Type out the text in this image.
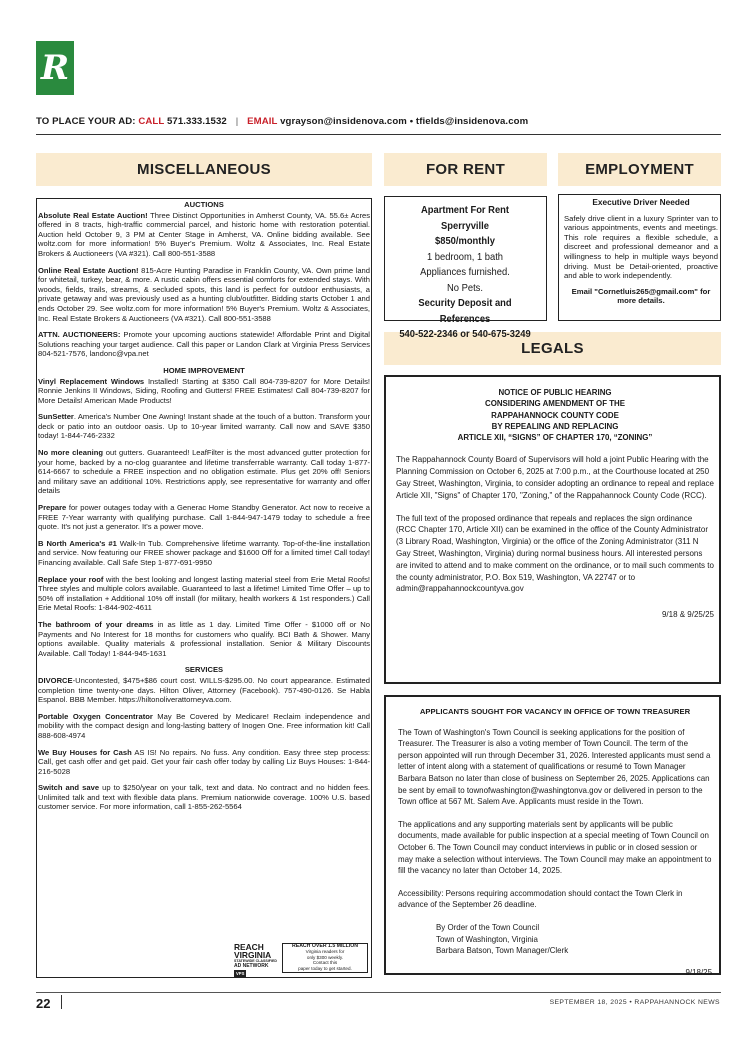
R
TO PLACE YOUR AD: CALL 571.333.1532 | EMAIL vgrayson@insidenova.com • tfields@insidenova.com
MISCELLANEOUS	FOR RENT	EMPLOYMENT
LEGALS

AUCTIONS

Absolute Real Estate Auction! Three Distinct Opportunities in Amherst County, VA. 55.6± Acres offered in 8 tracts, high-traffic commercial parcel, and historic home with restoration potential. Auction held October 9, 3 PM at Center Stage in Amherst, VA. Online bidding available. See woltz.com for more information! 5% Buyer's Premium. Woltz & Associates, Inc. Real Estate Brokers & Auctioneers (VA #321). Call 800-551-3588

Online Real Estate Auction! 815-Acre Hunting Paradise in Franklin County, VA. Own prime land for whitetail, turkey, bear, & more. A rustic cabin offers essential comforts for extended stays. With woods, fields, trails, streams, & secluded spots, this land is perfect for outdoor enthusiasts, a private getaway and was previously used as a hunting club/outfitter. Bidding starts October 1 and ends October 29. See woltz.com for more information! 5% Buyer's Premium. Woltz & Associates, Inc. Real Estate Brokers & Auctioneers (VA #321). Call 800-551-3588

ATTN. AUCTIONEERS: Promote your upcoming auctions statewide! Affordable Print and Digital Solutions reaching your target audience. Call this paper or Landon Clark at Virginia Press Services 804-521-7576, landonc@vpa.net

HOME IMPROVEMENT

Vinyl Replacement Windows Installed! Starting at $350 Call 804-739-8207 for More Details! Ronnie Jenkins II Windows, Siding, Roofing and Gutters! FREE Estimates! Call 804-739-8207 for More Details! American Made Products!

SunSetter. America's Number One Awning! Instant shade at the touch of a button. Transform your deck or patio into an outdoor oasis. Up to 10-year limited warranty. Call now and SAVE $350 today! 1-844-746-2332

No more cleaning out gutters. Guaranteed! LeafFilter is the most advanced gutter protection for your home, backed by a no-clog guarantee and lifetime transferrable warranty. Call today 1-877-614-6667 to schedule a FREE inspection and no obligation estimate. Plus get 20% off! Seniors and military save an additional 10%. Restrictions apply, see representative for warranty and offer details

Prepare for power outages today with a Generac Home Standby Generator. Act now to receive a FREE 7-Year warranty with qualifying purchase. Call 1-844-947-1479 today to schedule a free quote. It's not just a generator. It's a power move.

B North America's #1 Walk-In Tub. Comprehensive lifetime warranty. Top-of-the-line installation and service. Now featuring our FREE shower package and $1600 Off for a limited time! Call today! Financing available. Call Safe Step 1-877-691-9950

Replace your roof with the best looking and longest lasting material steel from Erie Metal Roofs! Three styles and multiple colors available. Guaranteed to last a lifetime! Limited Time Offer – up to 50% off installation + Additional 10% off install (for military, health workers & 1st responders.) Call Erie Metal Roofs: 1-844-902-4611

The bathroom of your dreams in as little as 1 day. Limited Time Offer - $1000 off or No Payments and No Interest for 18 months for customers who qualify. BCI Bath & Shower. Many options available. Quality materials & professional installation. Senior & Military Discounts Available. Call Today! 1-844-945-1631

SERVICES

DIVORCE-Uncontested, $475+$86 court cost. WILLS-$295.00. No court appearance. Estimated completion time twenty-one days. Hilton Oliver, Attorney (Facebook). 757-490-0126. Se Habla Espanol. BBB Member. https://hiltonoliverattorneyva.com.

Portable Oxygen Concentrator May Be Covered by Medicare! Reclaim independence and mobility with the compact design and long-lasting battery of Inogen One. Free information kit! Call 888-608-4974

We Buy Houses for Cash AS IS! No repairs. No fuss. Any condition. Easy three step process: Call, get cash offer and get paid. Get your fair cash offer today by calling Liz Buys Houses: 1-844-216-5028

Switch and save up to $250/year on your talk, text and data. No contract and no hidden fees. Unlimited talk and text with flexible data plans. Premium nationwide coverage. 100% U.S. based customer service. For more information, call 1-855-262-5564

REACH
VIRGINIA
STATEWIDE CLASSIFIED
AD NETWORK
VPS
REACH OVER 1.5 MILLION
Virginia readers for
only $300 weekly.
Contact this
paper today to get started.
Apartment For Rent Sperryville
$850/monthly
1 bedroom, 1 bath
Appliances furnished.
No Pets.
Security Deposit and References
540-522-2346 or 540-675-3249
Executive Driver Needed
Safely drive client in a luxury Sprinter van to various appointments, events and meetings. This role requires a flexible schedule, a discreet and professional demeanor and a willingness to help in multiple ways beyond driving. Must be Detail-oriented, proactive and able to work independently.
Email "Cornetluis265@gmail.com" for more details.
NOTICE OF PUBLIC HEARING
CONSIDERING AMENDMENT OF THE
RAPPAHANNOCK COUNTY CODE
BY REPEALING AND REPLACING
ARTICLE XII, “SIGNS” OF CHAPTER 170, “ZONING”

The Rappahannock County Board of Supervisors will hold a joint Public Hearing with the Planning Commission on October 6, 2025 at 7:00 p.m., at the Courthouse located at 250 Gay Street, Washington, Virginia, to consider adopting an ordinance to repeal and replace Article XII, "Signs" of Chapter 170, "Zoning," of the Rappahannock County Code (RCC).

The full text of the proposed ordinance that repeals and replaces the sign ordinance (RCC Chapter 170, Article XII) can be examined in the office of the County Administrator (3 Library Road, Washington, Virginia) or the office of the Zoning Administrator (311 N Gay Street, Washington, Virginia) during normal business hours. All interested persons are invited to attend and to make comment on the ordinance, or to mail such comments to the county administrator, P.O. Box 519, Washington, VA 22747 or to admin@rappahannockcountyva.gov

9/18 & 9/25/25
APPLICANTS SOUGHT FOR VACANCY IN OFFICE OF TOWN TREASURER

The Town of Washington's Town Council is seeking applications for the position of Treasurer. The Treasurer is also a voting member of Town Council. The term of the person appointed will run through December 31, 2026. Interested applicants must send a letter of intent along with a statement of qualifications or resumé to Town Manager Barbara Batson no later than close of business on September 26, 2025. Applications can be sent by email to townofwashington@washingtonva.gov or delivered in person to the Town office at 567 Mt. Salem Ave. Applicants must reside in the Town.

The applications and any supporting materials sent by applicants will be public documents, made available for public inspection at a special meeting of Town Council on October 6. The Town Council may conduct interviews in public or in closed session or may make a selection without interviews. The Town Council may make an appointment to fill the vacancy no later than October 14, 2025.

Accessibility: Persons requiring accommodation should contact the Town Clerk in advance of the September 26 deadline.

By Order of the Town Council
Town of Washington, Virginia
Barbara Batson, Town Manager/Clerk
9/18/25
22	SEPTEMBER 18, 2025 • RAPPAHANNOCK NEWS
